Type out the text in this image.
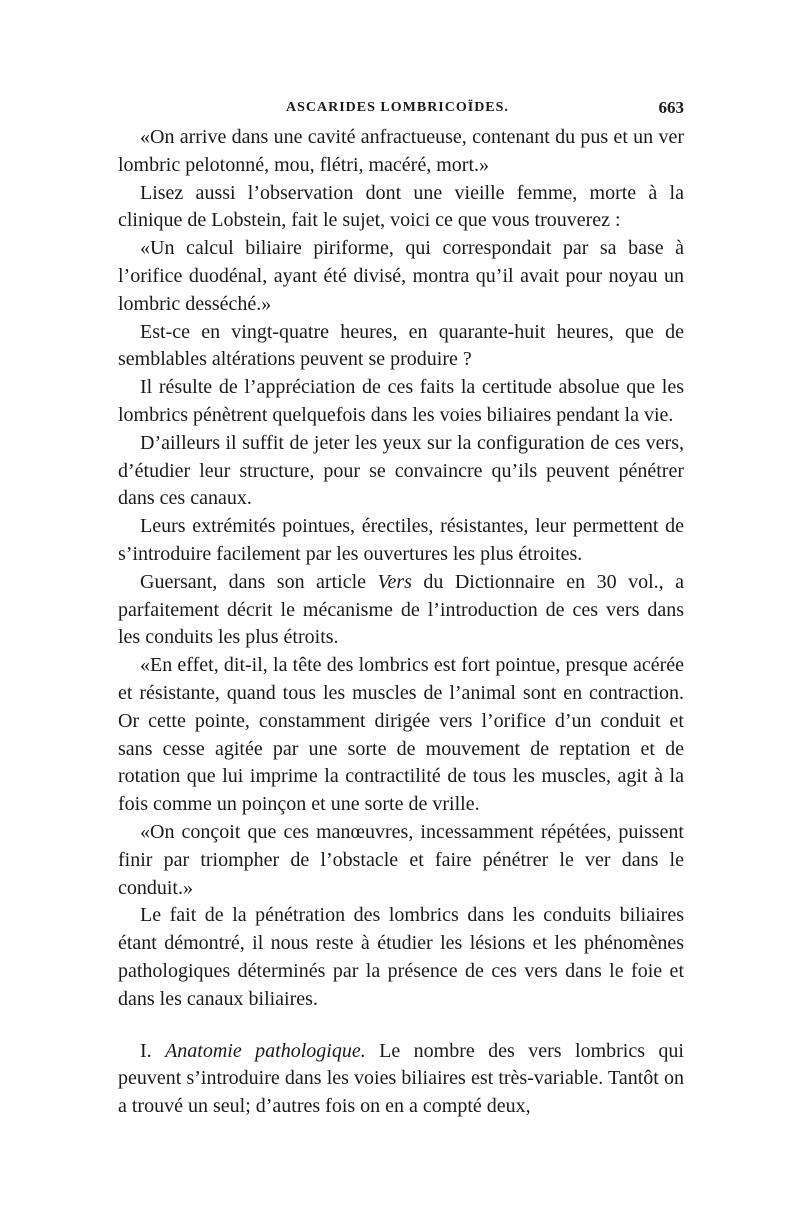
ASCARIDES LOMBRICOÏDES.	663

«On arrive dans une cavité anfractueuse, contenant du pus et un ver lombric pelotonné, mou, flétri, macéré, mort.»

Lisez aussi l’observation dont une vieille femme, morte à la clinique de Lobstein, fait le sujet, voici ce que vous trouverez :

«Un calcul biliaire piriforme, qui correspondait par sa base à l’orifice duodénal, ayant été divisé, montra qu’il avait pour noyau un lombric desséché.»

Est-ce en vingt-quatre heures, en quarante-huit heures, que de semblables altérations peuvent se produire ?

Il résulte de l’appréciation de ces faits la certitude absolue que les lombrics pénètrent quelquefois dans les voies biliaires pendant la vie.

D’ailleurs il suffit de jeter les yeux sur la configuration de ces vers, d’étudier leur structure, pour se convaincre qu’ils peuvent pénétrer dans ces canaux.

Leurs extrémités pointues, érectiles, résistantes, leur permettent de s’introduire facilement par les ouvertures les plus étroites.

Guersant, dans son article Vers du Dictionnaire en 30 vol., a parfaitement décrit le mécanisme de l’introduction de ces vers dans les conduits les plus étroits.

«En effet, dit-il, la tête des lombrics est fort pointue, presque acérée et résistante, quand tous les muscles de l’animal sont en contraction. Or cette pointe, constamment dirigée vers l’orifice d’un conduit et sans cesse agitée par une sorte de mouvement de reptation et de rotation que lui imprime la contractilité de tous les muscles, agit à la fois comme un poinçon et une sorte de vrille.

«On conçoit que ces manœuvres, incessamment répétées, puissent finir par triompher de l’obstacle et faire pénétrer le ver dans le conduit.»

Le fait de la pénétration des lombrics dans les conduits biliaires étant démontré, il nous reste à étudier les lésions et les phénomènes pathologiques déterminés par la présence de ces vers dans le foie et dans les canaux biliaires.

I. Anatomie pathologique. Le nombre des vers lombrics qui peuvent s’introduire dans les voies biliaires est très-variable. Tantôt on a trouvé un seul; d’autres fois on en a compté deux,
